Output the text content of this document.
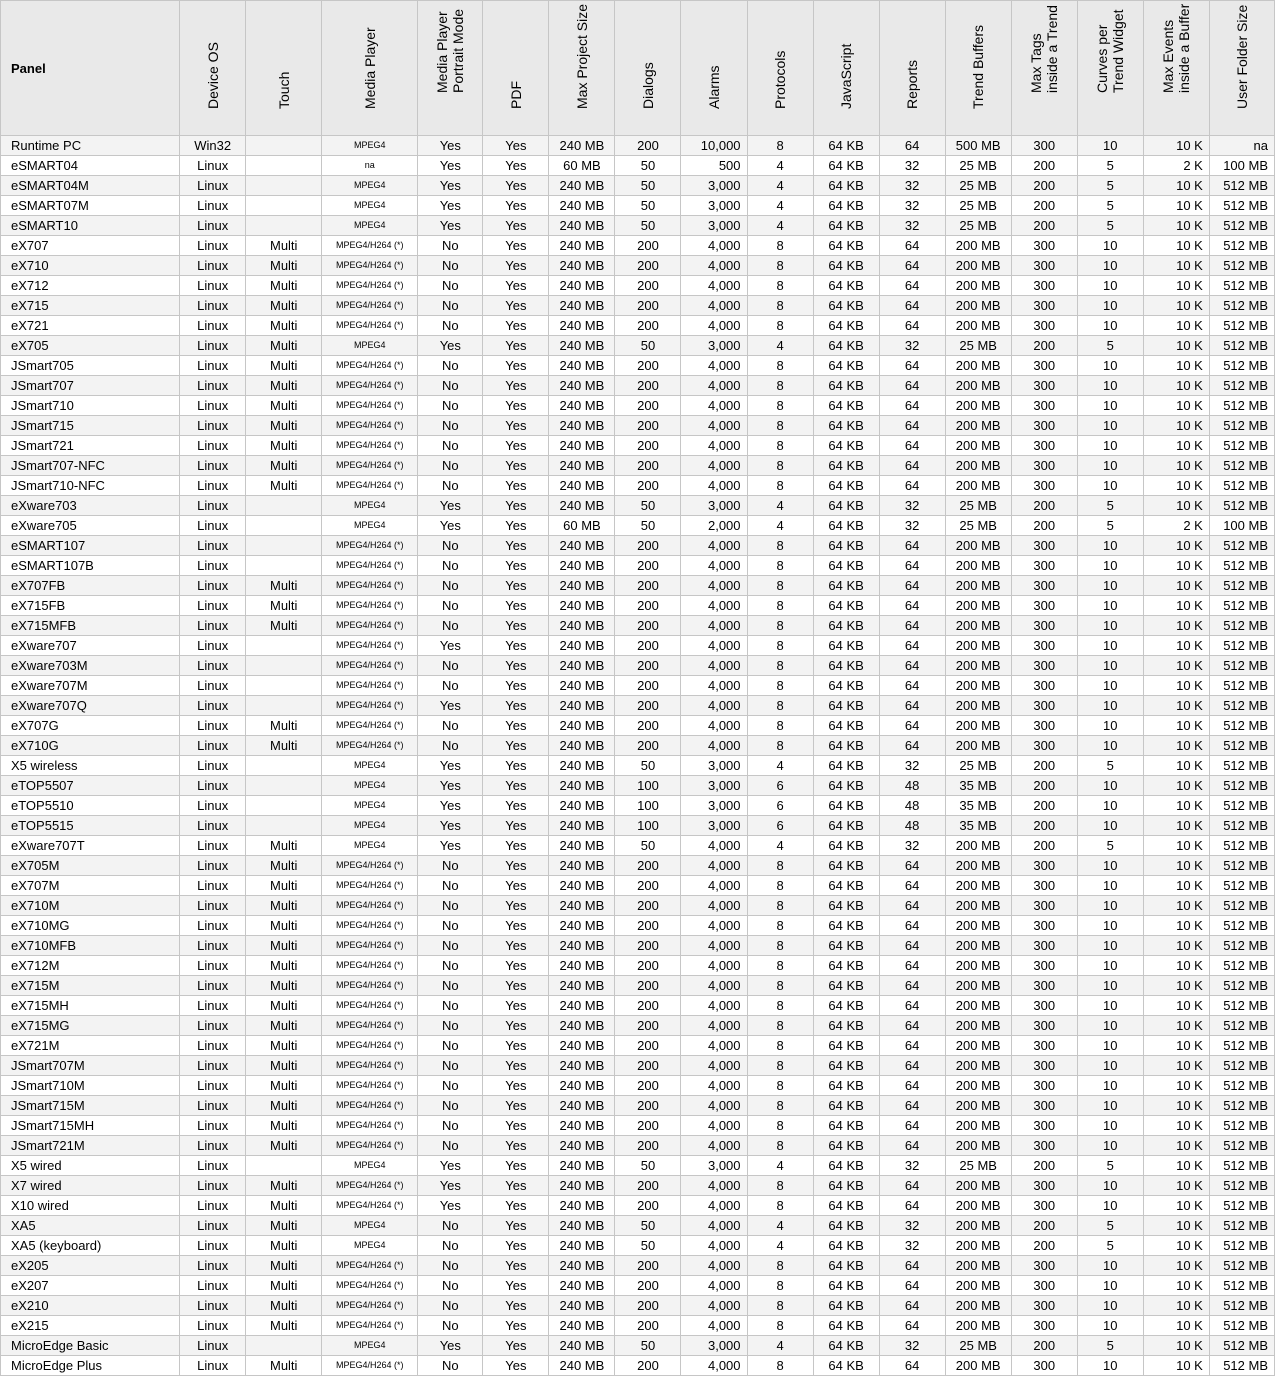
Panel	Device OS	Touch	Media Player	Media Player
Portrait Mode	PDF	Max Project Size	Dialogs	Alarms	Protocols	JavaScript	Reports	Trend Buffers	Max Tags
inside a Trend	Curves per
Trend Widget	Max Events
inside a Buffer	User Folder Size

Runtime PC	Win32		MPEG4	Yes	Yes	240 MB	200	10,000	8	64 KB	64	500 MB	300	10	10 K	na
eSMART04	Linux		na	Yes	Yes	60 MB	50	500	4	64 KB	32	25 MB	200	5	2 K	100 MB
eSMART04M	Linux		MPEG4	Yes	Yes	240 MB	50	3,000	4	64 KB	32	25 MB	200	5	10 K	512 MB
eSMART07M	Linux		MPEG4	Yes	Yes	240 MB	50	3,000	4	64 KB	32	25 MB	200	5	10 K	512 MB
eSMART10	Linux		MPEG4	Yes	Yes	240 MB	50	3,000	4	64 KB	32	25 MB	200	5	10 K	512 MB
eX707	Linux	Multi	MPEG4/H264 (*)	No	Yes	240 MB	200	4,000	8	64 KB	64	200 MB	300	10	10 K	512 MB
eX710	Linux	Multi	MPEG4/H264 (*)	No	Yes	240 MB	200	4,000	8	64 KB	64	200 MB	300	10	10 K	512 MB
eX712	Linux	Multi	MPEG4/H264 (*)	No	Yes	240 MB	200	4,000	8	64 KB	64	200 MB	300	10	10 K	512 MB
eX715	Linux	Multi	MPEG4/H264 (*)	No	Yes	240 MB	200	4,000	8	64 KB	64	200 MB	300	10	10 K	512 MB
eX721	Linux	Multi	MPEG4/H264 (*)	No	Yes	240 MB	200	4,000	8	64 KB	64	200 MB	300	10	10 K	512 MB
eX705	Linux	Multi	MPEG4	Yes	Yes	240 MB	50	3,000	4	64 KB	32	25 MB	200	5	10 K	512 MB
JSmart705	Linux	Multi	MPEG4/H264 (*)	No	Yes	240 MB	200	4,000	8	64 KB	64	200 MB	300	10	10 K	512 MB
JSmart707	Linux	Multi	MPEG4/H264 (*)	No	Yes	240 MB	200	4,000	8	64 KB	64	200 MB	300	10	10 K	512 MB
JSmart710	Linux	Multi	MPEG4/H264 (*)	No	Yes	240 MB	200	4,000	8	64 KB	64	200 MB	300	10	10 K	512 MB
JSmart715	Linux	Multi	MPEG4/H264 (*)	No	Yes	240 MB	200	4,000	8	64 KB	64	200 MB	300	10	10 K	512 MB
JSmart721	Linux	Multi	MPEG4/H264 (*)	No	Yes	240 MB	200	4,000	8	64 KB	64	200 MB	300	10	10 K	512 MB
JSmart707-NFC	Linux	Multi	MPEG4/H264 (*)	No	Yes	240 MB	200	4,000	8	64 KB	64	200 MB	300	10	10 K	512 MB
JSmart710-NFC	Linux	Multi	MPEG4/H264 (*)	No	Yes	240 MB	200	4,000	8	64 KB	64	200 MB	300	10	10 K	512 MB
eXware703	Linux		MPEG4	Yes	Yes	240 MB	50	3,000	4	64 KB	32	25 MB	200	5	10 K	512 MB
eXware705	Linux		MPEG4	Yes	Yes	60 MB	50	2,000	4	64 KB	32	25 MB	200	5	2 K	100 MB
eSMART107	Linux		MPEG4/H264 (*)	No	Yes	240 MB	200	4,000	8	64 KB	64	200 MB	300	10	10 K	512 MB
eSMART107B	Linux		MPEG4/H264 (*)	No	Yes	240 MB	200	4,000	8	64 KB	64	200 MB	300	10	10 K	512 MB
eX707FB	Linux	Multi	MPEG4/H264 (*)	No	Yes	240 MB	200	4,000	8	64 KB	64	200 MB	300	10	10 K	512 MB
eX715FB	Linux	Multi	MPEG4/H264 (*)	No	Yes	240 MB	200	4,000	8	64 KB	64	200 MB	300	10	10 K	512 MB
eX715MFB	Linux	Multi	MPEG4/H264 (*)	No	Yes	240 MB	200	4,000	8	64 KB	64	200 MB	300	10	10 K	512 MB
eXware707	Linux		MPEG4/H264 (*)	Yes	Yes	240 MB	200	4,000	8	64 KB	64	200 MB	300	10	10 K	512 MB
eXware703M	Linux		MPEG4/H264 (*)	No	Yes	240 MB	200	4,000	8	64 KB	64	200 MB	300	10	10 K	512 MB
eXware707M	Linux		MPEG4/H264 (*)	No	Yes	240 MB	200	4,000	8	64 KB	64	200 MB	300	10	10 K	512 MB
eXware707Q	Linux		MPEG4/H264 (*)	Yes	Yes	240 MB	200	4,000	8	64 KB	64	200 MB	300	10	10 K	512 MB
eX707G	Linux	Multi	MPEG4/H264 (*)	No	Yes	240 MB	200	4,000	8	64 KB	64	200 MB	300	10	10 K	512 MB
eX710G	Linux	Multi	MPEG4/H264 (*)	No	Yes	240 MB	200	4,000	8	64 KB	64	200 MB	300	10	10 K	512 MB
X5 wireless	Linux		MPEG4	Yes	Yes	240 MB	50	3,000	4	64 KB	32	25 MB	200	5	10 K	512 MB
eTOP5507	Linux		MPEG4	Yes	Yes	240 MB	100	3,000	6	64 KB	48	35 MB	200	10	10 K	512 MB
eTOP5510	Linux		MPEG4	Yes	Yes	240 MB	100	3,000	6	64 KB	48	35 MB	200	10	10 K	512 MB
eTOP5515	Linux		MPEG4	Yes	Yes	240 MB	100	3,000	6	64 KB	48	35 MB	200	10	10 K	512 MB
eXware707T	Linux	Multi	MPEG4	Yes	Yes	240 MB	50	4,000	4	64 KB	32	200 MB	200	5	10 K	512 MB
eX705M	Linux	Multi	MPEG4/H264 (*)	No	Yes	240 MB	200	4,000	8	64 KB	64	200 MB	300	10	10 K	512 MB
eX707M	Linux	Multi	MPEG4/H264 (*)	No	Yes	240 MB	200	4,000	8	64 KB	64	200 MB	300	10	10 K	512 MB
eX710M	Linux	Multi	MPEG4/H264 (*)	No	Yes	240 MB	200	4,000	8	64 KB	64	200 MB	300	10	10 K	512 MB
eX710MG	Linux	Multi	MPEG4/H264 (*)	No	Yes	240 MB	200	4,000	8	64 KB	64	200 MB	300	10	10 K	512 MB
eX710MFB	Linux	Multi	MPEG4/H264 (*)	No	Yes	240 MB	200	4,000	8	64 KB	64	200 MB	300	10	10 K	512 MB
eX712M	Linux	Multi	MPEG4/H264 (*)	No	Yes	240 MB	200	4,000	8	64 KB	64	200 MB	300	10	10 K	512 MB
eX715M	Linux	Multi	MPEG4/H264 (*)	No	Yes	240 MB	200	4,000	8	64 KB	64	200 MB	300	10	10 K	512 MB
eX715MH	Linux	Multi	MPEG4/H264 (*)	No	Yes	240 MB	200	4,000	8	64 KB	64	200 MB	300	10	10 K	512 MB
eX715MG	Linux	Multi	MPEG4/H264 (*)	No	Yes	240 MB	200	4,000	8	64 KB	64	200 MB	300	10	10 K	512 MB
eX721M	Linux	Multi	MPEG4/H264 (*)	No	Yes	240 MB	200	4,000	8	64 KB	64	200 MB	300	10	10 K	512 MB
JSmart707M	Linux	Multi	MPEG4/H264 (*)	No	Yes	240 MB	200	4,000	8	64 KB	64	200 MB	300	10	10 K	512 MB
JSmart710M	Linux	Multi	MPEG4/H264 (*)	No	Yes	240 MB	200	4,000	8	64 KB	64	200 MB	300	10	10 K	512 MB
JSmart715M	Linux	Multi	MPEG4/H264 (*)	No	Yes	240 MB	200	4,000	8	64 KB	64	200 MB	300	10	10 K	512 MB
JSmart715MH	Linux	Multi	MPEG4/H264 (*)	No	Yes	240 MB	200	4,000	8	64 KB	64	200 MB	300	10	10 K	512 MB
JSmart721M	Linux	Multi	MPEG4/H264 (*)	No	Yes	240 MB	200	4,000	8	64 KB	64	200 MB	300	10	10 K	512 MB
X5 wired	Linux		MPEG4	Yes	Yes	240 MB	50	3,000	4	64 KB	32	25 MB	200	5	10 K	512 MB
X7 wired	Linux	Multi	MPEG4/H264 (*)	Yes	Yes	240 MB	200	4,000	8	64 KB	64	200 MB	300	10	10 K	512 MB
X10 wired	Linux	Multi	MPEG4/H264 (*)	Yes	Yes	240 MB	200	4,000	8	64 KB	64	200 MB	300	10	10 K	512 MB
XA5	Linux	Multi	MPEG4	No	Yes	240 MB	50	4,000	4	64 KB	32	200 MB	200	5	10 K	512 MB
XA5 (keyboard)	Linux	Multi	MPEG4	No	Yes	240 MB	50	4,000	4	64 KB	32	200 MB	200	5	10 K	512 MB
eX205	Linux	Multi	MPEG4/H264 (*)	No	Yes	240 MB	200	4,000	8	64 KB	64	200 MB	300	10	10 K	512 MB
eX207	Linux	Multi	MPEG4/H264 (*)	No	Yes	240 MB	200	4,000	8	64 KB	64	200 MB	300	10	10 K	512 MB
eX210	Linux	Multi	MPEG4/H264 (*)	No	Yes	240 MB	200	4,000	8	64 KB	64	200 MB	300	10	10 K	512 MB
eX215	Linux	Multi	MPEG4/H264 (*)	No	Yes	240 MB	200	4,000	8	64 KB	64	200 MB	300	10	10 K	512 MB
MicroEdge Basic	Linux		MPEG4	Yes	Yes	240 MB	50	3,000	4	64 KB	32	25 MB	200	5	10 K	512 MB
MicroEdge Plus	Linux	Multi	MPEG4/H264 (*)	No	Yes	240 MB	200	4,000	8	64 KB	64	200 MB	300	10	10 K	512 MB
